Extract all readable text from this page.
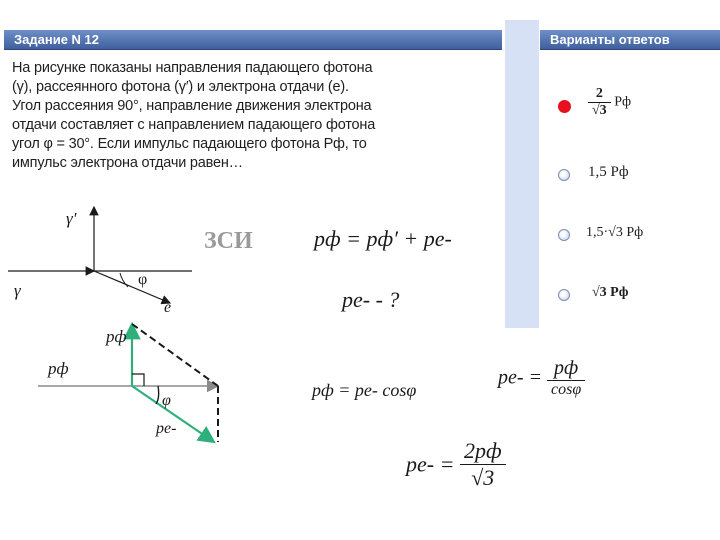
Задание N 12	Варианты ответов
На рисунке показаны направления падающего фотона
(γ), рассеянного фотона (γ′) и электрона отдачи (e).
Угол рассеяния 90°, направление движения электрона
отдачи составляет с направлением падающего фотона
угол φ = 30°. Если импульс падающего фотона Pф, то
импульс электрона отдачи равен…
$\frac{2}{√3}$ Pф
1,5 Pф
1,5·√3 Pф
√3 Pф
γ'
γ
φ
e
pф
pф
φ
pe-
ЗСИ	pф = pф′ + pe-
pe- - ?
pф = pe- cosφ
$pe- = \frac{pф}{\cos\varphi}$
$pe- = \frac{2pф}{√3}$
